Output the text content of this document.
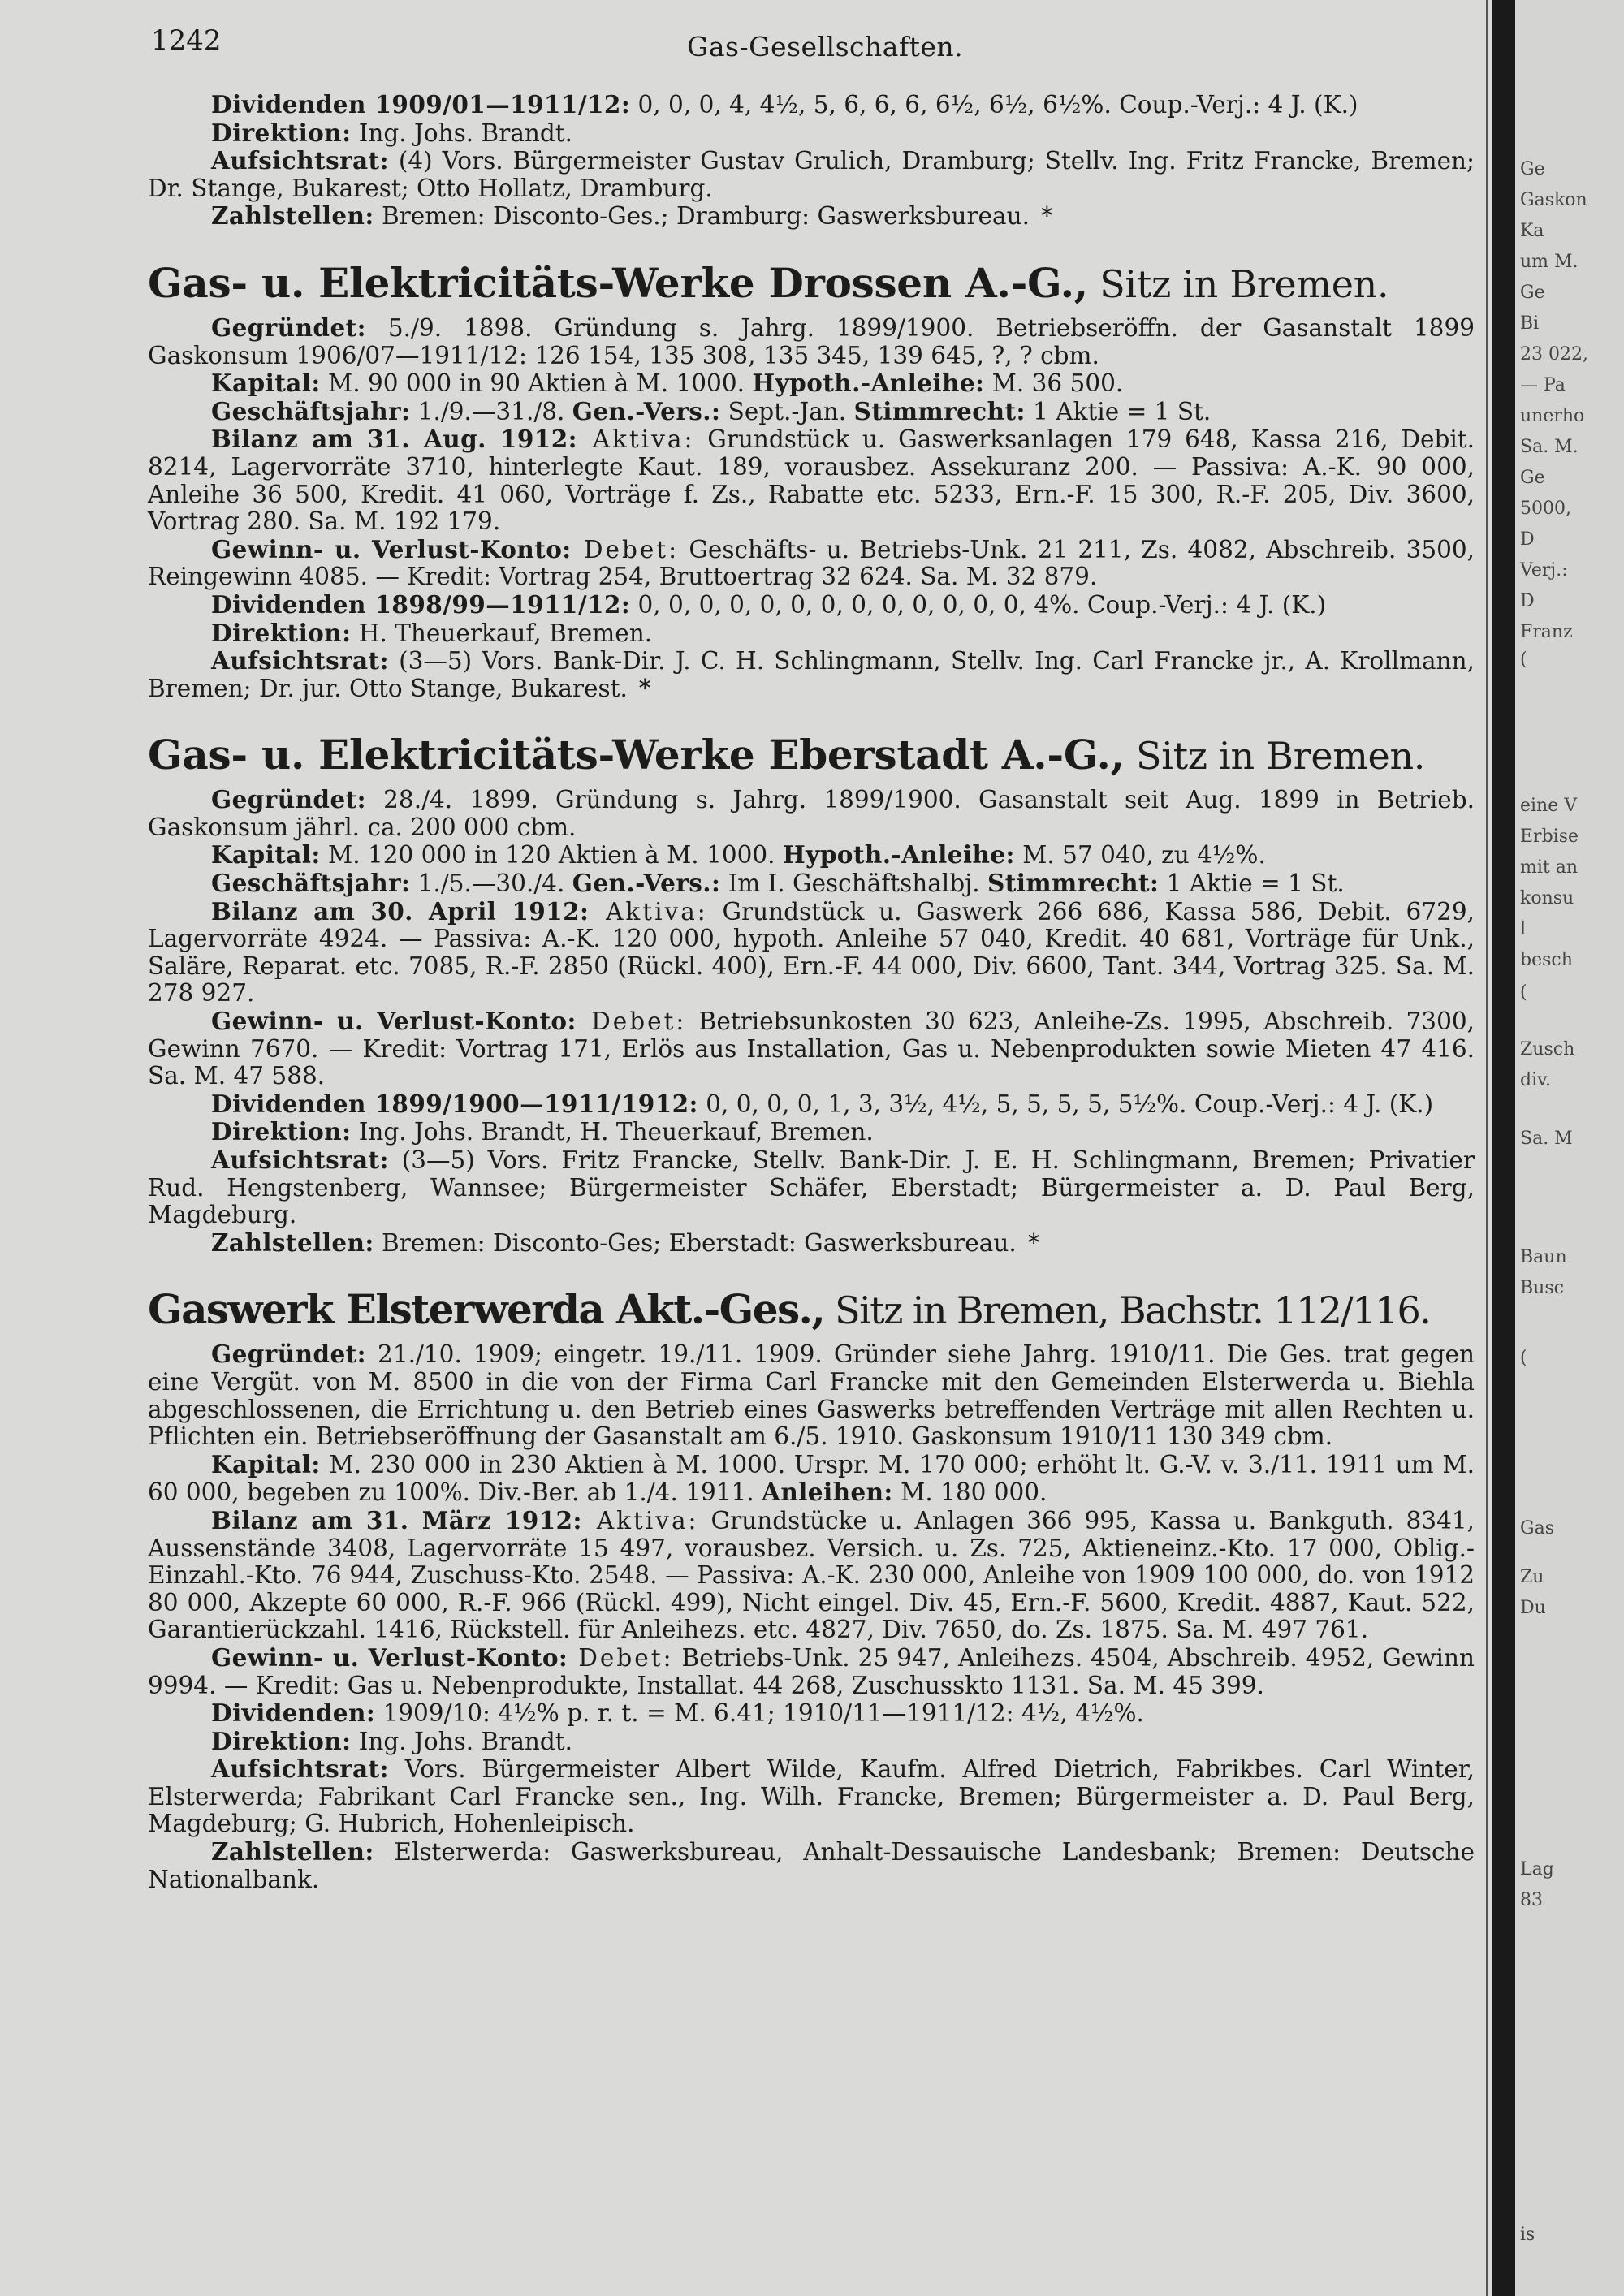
Ge
Gaskon
Ka
um M.
Ge
Bi
23 022,
— Pa
unerho
Sa. M.
Ge
5000,
D
Verj.:
D
Franz
(
eine V
Erbise
mit an
konsu
l
besch
(
Zusch
div.
Sa. M
Baun
Busc
(
Gas
Zu
Du
Lag
83
is
1242	Gas-Gesellschaften.

Dividenden 1909/01—1911/12: 0, 0, 0, 4, 4½, 5, 6, 6, 6, 6½, 6½, 6½%. Coup.-Verj.: 4 J. (K.)

Direktion: Ing. Johs. Brandt.

Aufsichtsrat: (4) Vors. Bürgermeister Gustav Grulich, Dramburg; Stellv. Ing. Fritz Francke, Bremen; Dr. Stange, Bukarest; Otto Hollatz, Dramburg.

Zahlstellen: Bremen: Disconto-Ges.; Dramburg: Gaswerksbureau. *

Gas- u. Elektricitäts-Werke Drossen A.-G., Sitz in Bremen.

Gegründet: 5./9. 1898. Gründung s. Jahrg. 1899/1900. Betriebseröffn. der Gasanstalt 1899 Gaskonsum 1906/07—1911/12: 126 154, 135 308, 135 345, 139 645, ?, ? cbm.

Kapital: M. 90 000 in 90 Aktien à M. 1000. Hypoth.-Anleihe: M. 36 500.

Geschäftsjahr: 1./9.—31./8. Gen.-Vers.: Sept.-Jan. Stimmrecht: 1 Aktie = 1 St.

Bilanz am 31. Aug. 1912: Aktiva: Grundstück u. Gaswerksanlagen 179 648, Kassa 216, Debit. 8214, Lagervorräte 3710, hinterlegte Kaut. 189, vorausbez. Assekuranz 200. — Passiva: A.-K. 90 000, Anleihe 36 500, Kredit. 41 060, Vorträge f. Zs., Rabatte etc. 5233, Ern.-F. 15 300, R.-F. 205, Div. 3600, Vortrag 280. Sa. M. 192 179.

Gewinn- u. Verlust-Konto: Debet: Geschäfts- u. Betriebs-Unk. 21 211, Zs. 4082, Abschreib. 3500, Reingewinn 4085. — Kredit: Vortrag 254, Bruttoertrag 32 624. Sa. M. 32 879.

Dividenden 1898/99—1911/12: 0, 0, 0, 0, 0, 0, 0, 0, 0, 0, 0, 0, 0, 4%. Coup.-Verj.: 4 J. (K.)

Direktion: H. Theuerkauf, Bremen.

Aufsichtsrat: (3—5) Vors. Bank-Dir. J. C. H. Schlingmann, Stellv. Ing. Carl Francke jr., A. Krollmann, Bremen; Dr. jur. Otto Stange, Bukarest. *

Gas- u. Elektricitäts-Werke Eberstadt A.-G., Sitz in Bremen.

Gegründet: 28./4. 1899. Gründung s. Jahrg. 1899/1900. Gasanstalt seit Aug. 1899 in Betrieb. Gaskonsum jährl. ca. 200 000 cbm.

Kapital: M. 120 000 in 120 Aktien à M. 1000. Hypoth.-Anleihe: M. 57 040, zu 4½%.

Geschäftsjahr: 1./5.—30./4. Gen.-Vers.: Im I. Geschäftshalbj. Stimmrecht: 1 Aktie = 1 St.

Bilanz am 30. April 1912: Aktiva: Grundstück u. Gaswerk 266 686, Kassa 586, Debit. 6729, Lagervorräte 4924. — Passiva: A.-K. 120 000, hypoth. Anleihe 57 040, Kredit. 40 681, Vorträge für Unk., Saläre, Reparat. etc. 7085, R.-F. 2850 (Rückl. 400), Ern.-F. 44 000, Div. 6600, Tant. 344, Vortrag 325. Sa. M. 278 927.

Gewinn- u. Verlust-Konto: Debet: Betriebsunkosten 30 623, Anleihe-Zs. 1995, Abschreib. 7300, Gewinn 7670. — Kredit: Vortrag 171, Erlös aus Installation, Gas u. Nebenprodukten sowie Mieten 47 416. Sa. M. 47 588.

Dividenden 1899/1900—1911/1912: 0, 0, 0, 0, 1, 3, 3½, 4½, 5, 5, 5, 5, 5½%. Coup.-Verj.: 4 J. (K.)

Direktion: Ing. Johs. Brandt, H. Theuerkauf, Bremen.

Aufsichtsrat: (3—5) Vors. Fritz Francke, Stellv. Bank-Dir. J. E. H. Schlingmann, Bremen; Privatier Rud. Hengstenberg, Wannsee; Bürgermeister Schäfer, Eberstadt; Bürgermeister a. D. Paul Berg, Magdeburg.

Zahlstellen: Bremen: Disconto-Ges; Eberstadt: Gaswerksbureau. *

Gaswerk Elsterwerda Akt.-Ges., Sitz in Bremen, Bachstr. 112/116.

Gegründet: 21./10. 1909; eingetr. 19./11. 1909. Gründer siehe Jahrg. 1910/11. Die Ges. trat gegen eine Vergüt. von M. 8500 in die von der Firma Carl Francke mit den Gemeinden Elsterwerda u. Biehla abgeschlossenen, die Errichtung u. den Betrieb eines Gaswerks betreffenden Verträge mit allen Rechten u. Pflichten ein. Betriebseröffnung der Gasanstalt am 6./5. 1910. Gaskonsum 1910/11 130 349 cbm.

Kapital: M. 230 000 in 230 Aktien à M. 1000. Urspr. M. 170 000; erhöht lt. G.-V. v. 3./11. 1911 um M. 60 000, begeben zu 100%. Div.-Ber. ab 1./4. 1911. Anleihen: M. 180 000.

Bilanz am 31. März 1912: Aktiva: Grundstücke u. Anlagen 366 995, Kassa u. Bankguth. 8341, Aussenstände 3408, Lagervorräte 15 497, vorausbez. Versich. u. Zs. 725, Aktieneinz.-Kto. 17 000, Oblig.-Einzahl.-Kto. 76 944, Zuschuss-Kto. 2548. — Passiva: A.-K. 230 000, Anleihe von 1909 100 000, do. von 1912 80 000, Akzepte 60 000, R.-F. 966 (Rückl. 499), Nicht eingel. Div. 45, Ern.-F. 5600, Kredit. 4887, Kaut. 522, Garantierückzahl. 1416, Rückstell. für Anleihezs. etc. 4827, Div. 7650, do. Zs. 1875. Sa. M. 497 761.

Gewinn- u. Verlust-Konto: Debet: Betriebs-Unk. 25 947, Anleihezs. 4504, Abschreib. 4952, Gewinn 9994. — Kredit: Gas u. Nebenprodukte, Installat. 44 268, Zuschusskto 1131. Sa. M. 45 399.

Dividenden: 1909/10: 4½% p. r. t. = M. 6.41; 1910/11—1911/12: 4½, 4½%.

Direktion: Ing. Johs. Brandt.

Aufsichtsrat: Vors. Bürgermeister Albert Wilde, Kaufm. Alfred Dietrich, Fabrikbes. Carl Winter, Elsterwerda; Fabrikant Carl Francke sen., Ing. Wilh. Francke, Bremen; Bürgermeister a. D. Paul Berg, Magdeburg; G. Hubrich, Hohenleipisch.

Zahlstellen: Elsterwerda: Gaswerksbureau, Anhalt-Dessauische Landesbank; Bremen: Deutsche Nationalbank.
